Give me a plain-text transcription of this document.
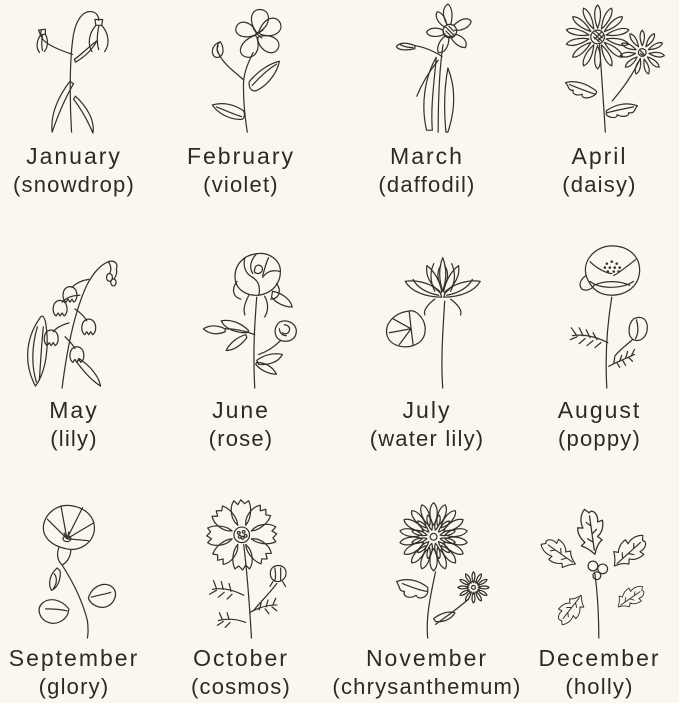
January
(snowdrop)
February
(violet)
March
(daffodil)
April
(daisy)
May
(lily)
June
(rose)
July
(water lily)
August
(poppy)
September
(glory)
October
(cosmos)
November
(chrysanthemum)
December
(holly)
